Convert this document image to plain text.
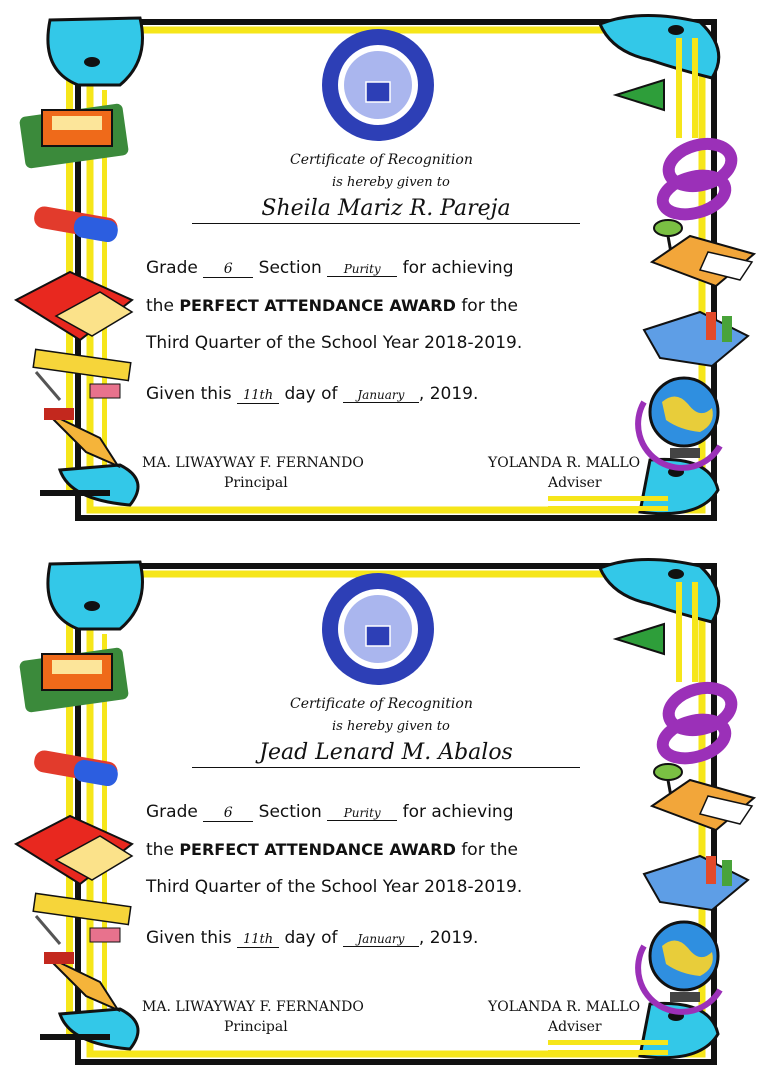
Certificate of Recognition
is hereby given to
Sheila Mariz R. Pareja
Grade 6 Section Purity for achieving
the PERFECT ATTENDANCE AWARD for the
Third Quarter of the School Year 2018-2019.
Given this 11th day of January , 2019.
MA. LIWAYWAY F. FERNANDO
Principal
YOLANDA R. MALLO
Adviser
Certificate of Recognition
is hereby given to
Jead Lenard M. Abalos
Grade 6 Section Purity for achieving
the PERFECT ATTENDANCE AWARD for the
Third Quarter of the School Year 2018-2019.
Given this 11th day of January , 2019.
MA. LIWAYWAY F. FERNANDO
Principal
YOLANDA R. MALLO
Adviser
